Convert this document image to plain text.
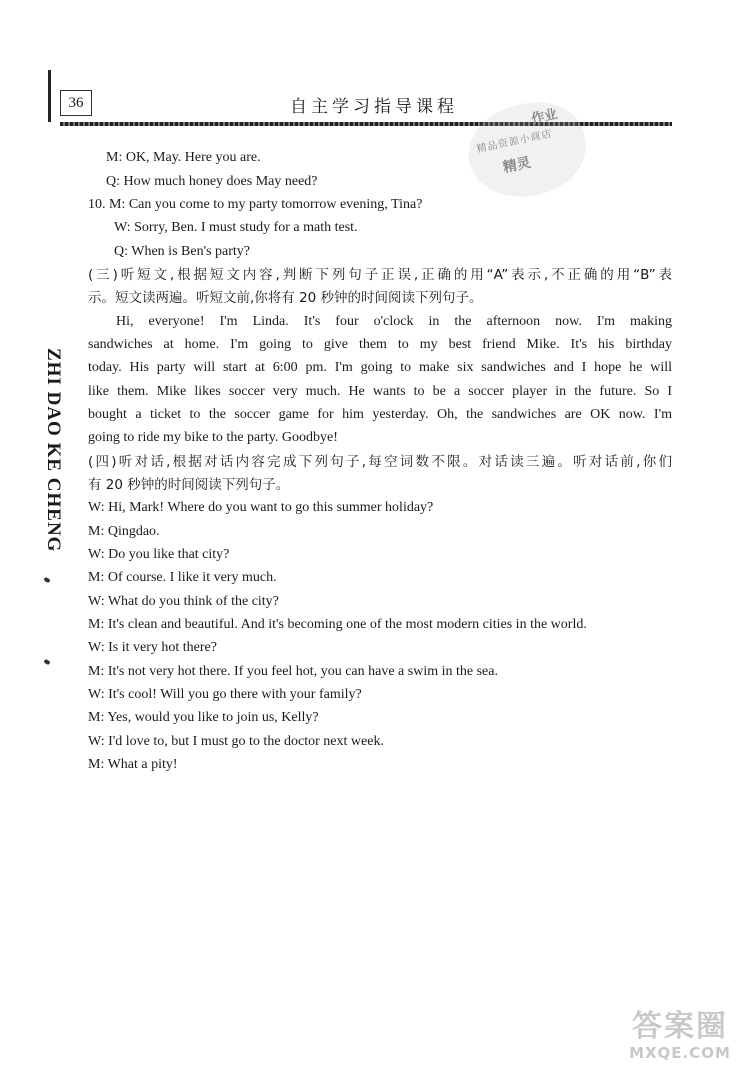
36	自主学习指导课程
作业
精品资源小商店
精灵
ZHI DAO KE CHENG
M: OK, May. Here you are.
Q: How much honey does May need?
10. M: Can you come to my party tomorrow evening, Tina?
W: Sorry, Ben. I must study for a math test.
Q: When is Ben's party?
(三)听短文,根据短文内容,判断下列句子正误,正确的用“A”表示,不正确的用“B”表
示。短文读两遍。听短文前,你将有 20 秒钟的时间阅读下列句子。
Hi, everyone! I'm Linda. It's four o'clock in the afternoon now. I'm making
sandwiches at home. I'm going to give them to my best friend Mike. It's his birthday
today. His party will start at 6:00 pm. I'm going to make six sandwiches and I hope he will
like them. Mike likes soccer very much. He wants to be a soccer player in the future. So I
bought a ticket to the soccer game for him yesterday. Oh, the sandwiches are OK now. I'm
going to ride my bike to the party. Goodbye!
(四)听对话,根据对话内容完成下列句子,每空词数不限。对话读三遍。听对话前,你们
有 20 秒钟的时间阅读下列句子。
W: Hi, Mark! Where do you want to go this summer holiday?
M: Qingdao.
W: Do you like that city?
M: Of course. I like it very much.
W: What do you think of the city?
M: It's clean and beautiful. And it's becoming one of the most modern cities in the world.
W: Is it very hot there?
M: It's not very hot there. If you feel hot, you can have a swim in the sea.
W: It's cool! Will you go there with your family?
M: Yes, would you like to join us, Kelly?
W: I'd love to, but I must go to the doctor next week.
M: What a pity!
答案圈
MXQE.COM
